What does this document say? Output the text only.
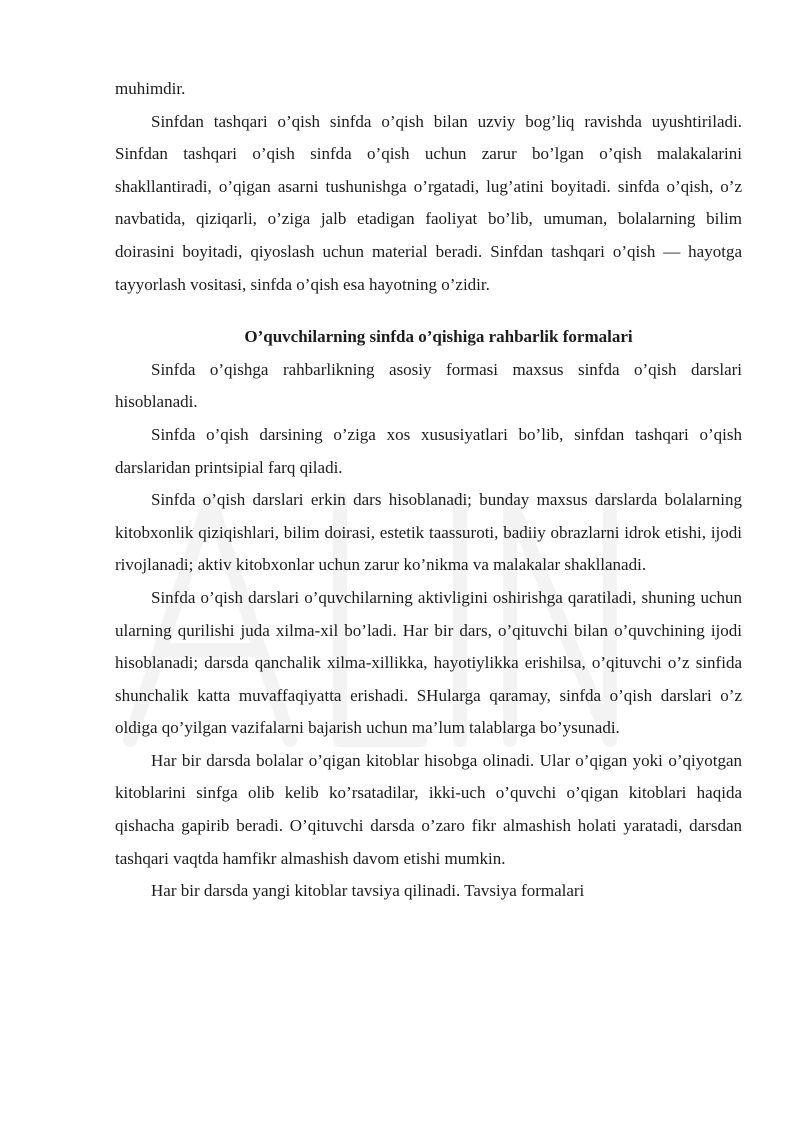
muhimdir.

Sinfdan tashqari o’qish sinfda o’qish bilan uzviy bog’liq ravishda uyushtiriladi. Sinfdan tashqari o’qish sinfda o’qish uchun zarur bo’lgan o’qish malakalarini shakllantiradi, o’qigan asarni tushunishga o’rgatadi, lug’atini boyitadi. sinfda o’qish, o’z navbatida, qiziqarli, o’ziga jalb etadigan faoliyat bo’lib, umuman, bolalarning bilim doirasini boyitadi, qiyoslash uchun material beradi. Sinfdan tashqari o’qish — hayotga tayyorlash vositasi, sinfda o’qish esa hayotning o’zidir.

O’quvchilarning sinfda o’qishiga rahbarlik formalari

Sinfda o’qishga rahbarlikning asosiy formasi maxsus sinfda o’qish darslari hisoblanadi.

Sinfda o’qish darsining o’ziga xos xususiyatlari bo’lib, sinfdan tashqari o’qish darslaridan printsipial farq qiladi.

Sinfda o’qish darslari erkin dars hisoblanadi; bunday maxsus darslarda bolalarning kitobxonlik qiziqishlari, bilim doirasi, estetik taassuroti, badiiy obrazlarni idrok etishi, ijodi rivojlanadi; aktiv kitobxonlar uchun zarur ko’nikma va malakalar shakllanadi.

Sinfda o’qish darslari o’quvchilarning aktivligini oshirishga qaratiladi, shuning uchun ularning qurilishi juda xilma-xil bo’ladi. Har bir dars, o’qituvchi bilan o’quvchining ijodi hisoblanadi; darsda qanchalik xilma-xillikka, hayotiylikka erishilsa, o’qituvchi o’z sinfida shunchalik katta muvaffaqiyatta erishadi. SHularga qaramay, sinfda o’qish darslari o’z oldiga qo’yilgan vazifalarni bajarish uchun ma’lum talablarga bo’ysunadi.

Har bir darsda bolalar o’qigan kitoblar hisobga olinadi. Ular o’qigan yoki o’qiyotgan kitoblarini sinfga olib kelib ko’rsatadilar, ikki-uch o’quvchi o’qigan kitoblari haqida qishacha gapirib beradi. O’qituvchi darsda o’zaro fikr almashish holati yaratadi, darsdan tashqari vaqtda hamfikr almashish davom etishi mumkin.

Har bir darsda yangi kitoblar tavsiya qilinadi. Tavsiya formalari
